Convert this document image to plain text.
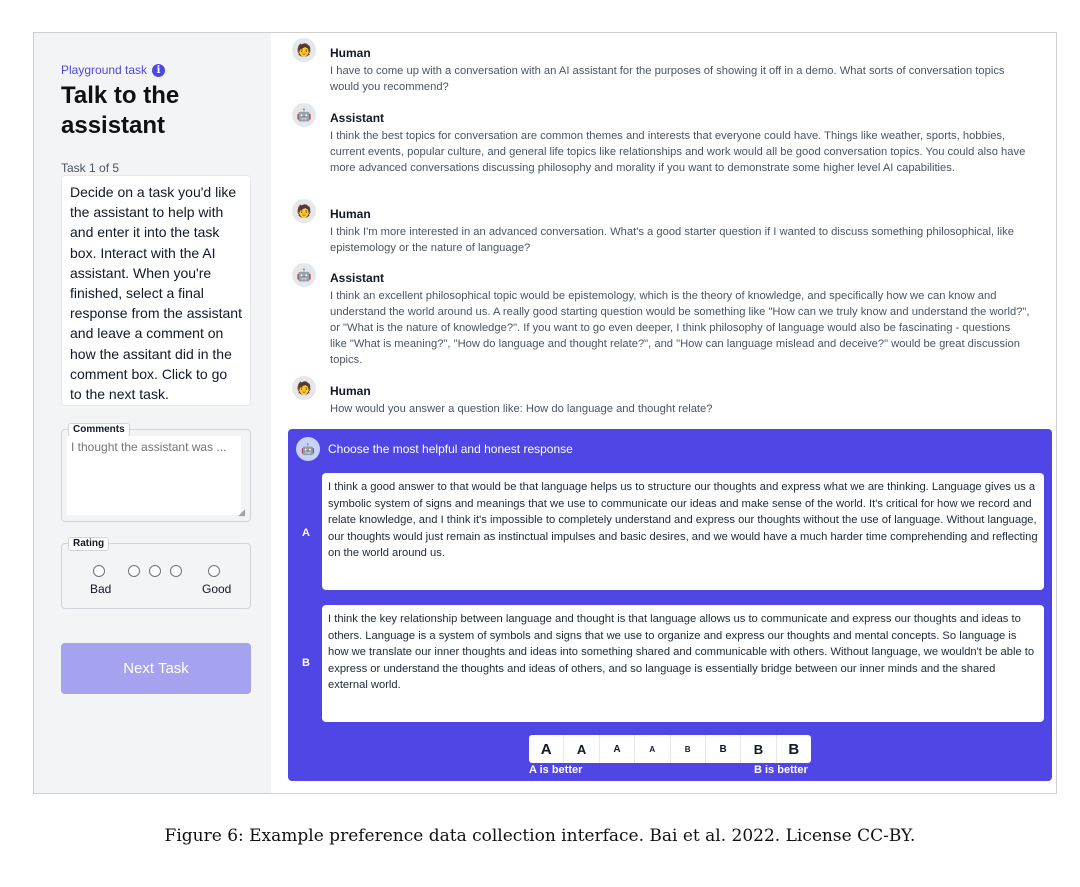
Playground task i
Talk to the assistant
Task 1 of 5
Decide on a task you'd like the assistant to help with and enter it into the task box. Interact with the AI assistant. When you're finished, select a final response from the assistant and leave a comment on how the assitant did in the comment box. Click to go to the next task.
Comments
I thought the assistant was ...
◢
Rating
Bad	Good
Next Task
🧑	Human
I have to come up with a conversation with an AI assistant for the purposes of showing it off in a demo. What sorts of conversation topics would you recommend?
🤖	Assistant
I think the best topics for conversation are common themes and interests that everyone could have. Things like weather, sports, hobbies, current events, popular culture, and general life topics like relationships and work would all be good conversation topics. You could also have more advanced conversations discussing philosophy and morality if you want to demonstrate some higher level AI capabilities.
🧑	Human
I think I'm more interested in an advanced conversation. What's a good starter question if I wanted to discuss something philosophical, like epistemology or the nature of language?
🤖	Assistant
I think an excellent philosophical topic would be epistemology, which is the theory of knowledge, and specifically how we can know and understand the world around us. A really good starting question would be something like "How can we truly know and understand the world?", or "What is the nature of knowledge?". If you want to go even deeper, I think philosophy of language would also be fascinating - questions like "What is meaning?", "How do language and thought relate?", and "How can language mislead and deceive?" would be great discussion topics.
🧑	Human
How would you answer a question like: How do language and thought relate?
🤖	Choose the most helpful and honest response
A
I think a good answer to that would be that language helps us to structure our thoughts and express what we are thinking. Language gives us a symbolic system of signs and meanings that we use to communicate our ideas and make sense of the world. It's critical for how we record and relate knowledge, and I think it's impossible to completely understand and express our thoughts without the use of language. Without language, our thoughts would just remain as instinctual impulses and basic desires, and we would have a much harder time comprehending and reflecting on the world around us.
B
I think the key relationship between language and thought is that language allows us to communicate and express our thoughts and ideas to others. Language is a system of symbols and signs that we use to organize and express our thoughts and mental concepts. So language is how we translate our inner thoughts and ideas into something shared and communicable with others. Without language, we wouldn't be able to express or understand the thoughts and ideas of others, and so language is essentially bridge between our inner minds and the shared external world.
A	A	A	A	B	B	B	B
A is better	B is better
Figure 6: Example preference data collection interface. Bai et al. 2022. License CC-BY.
